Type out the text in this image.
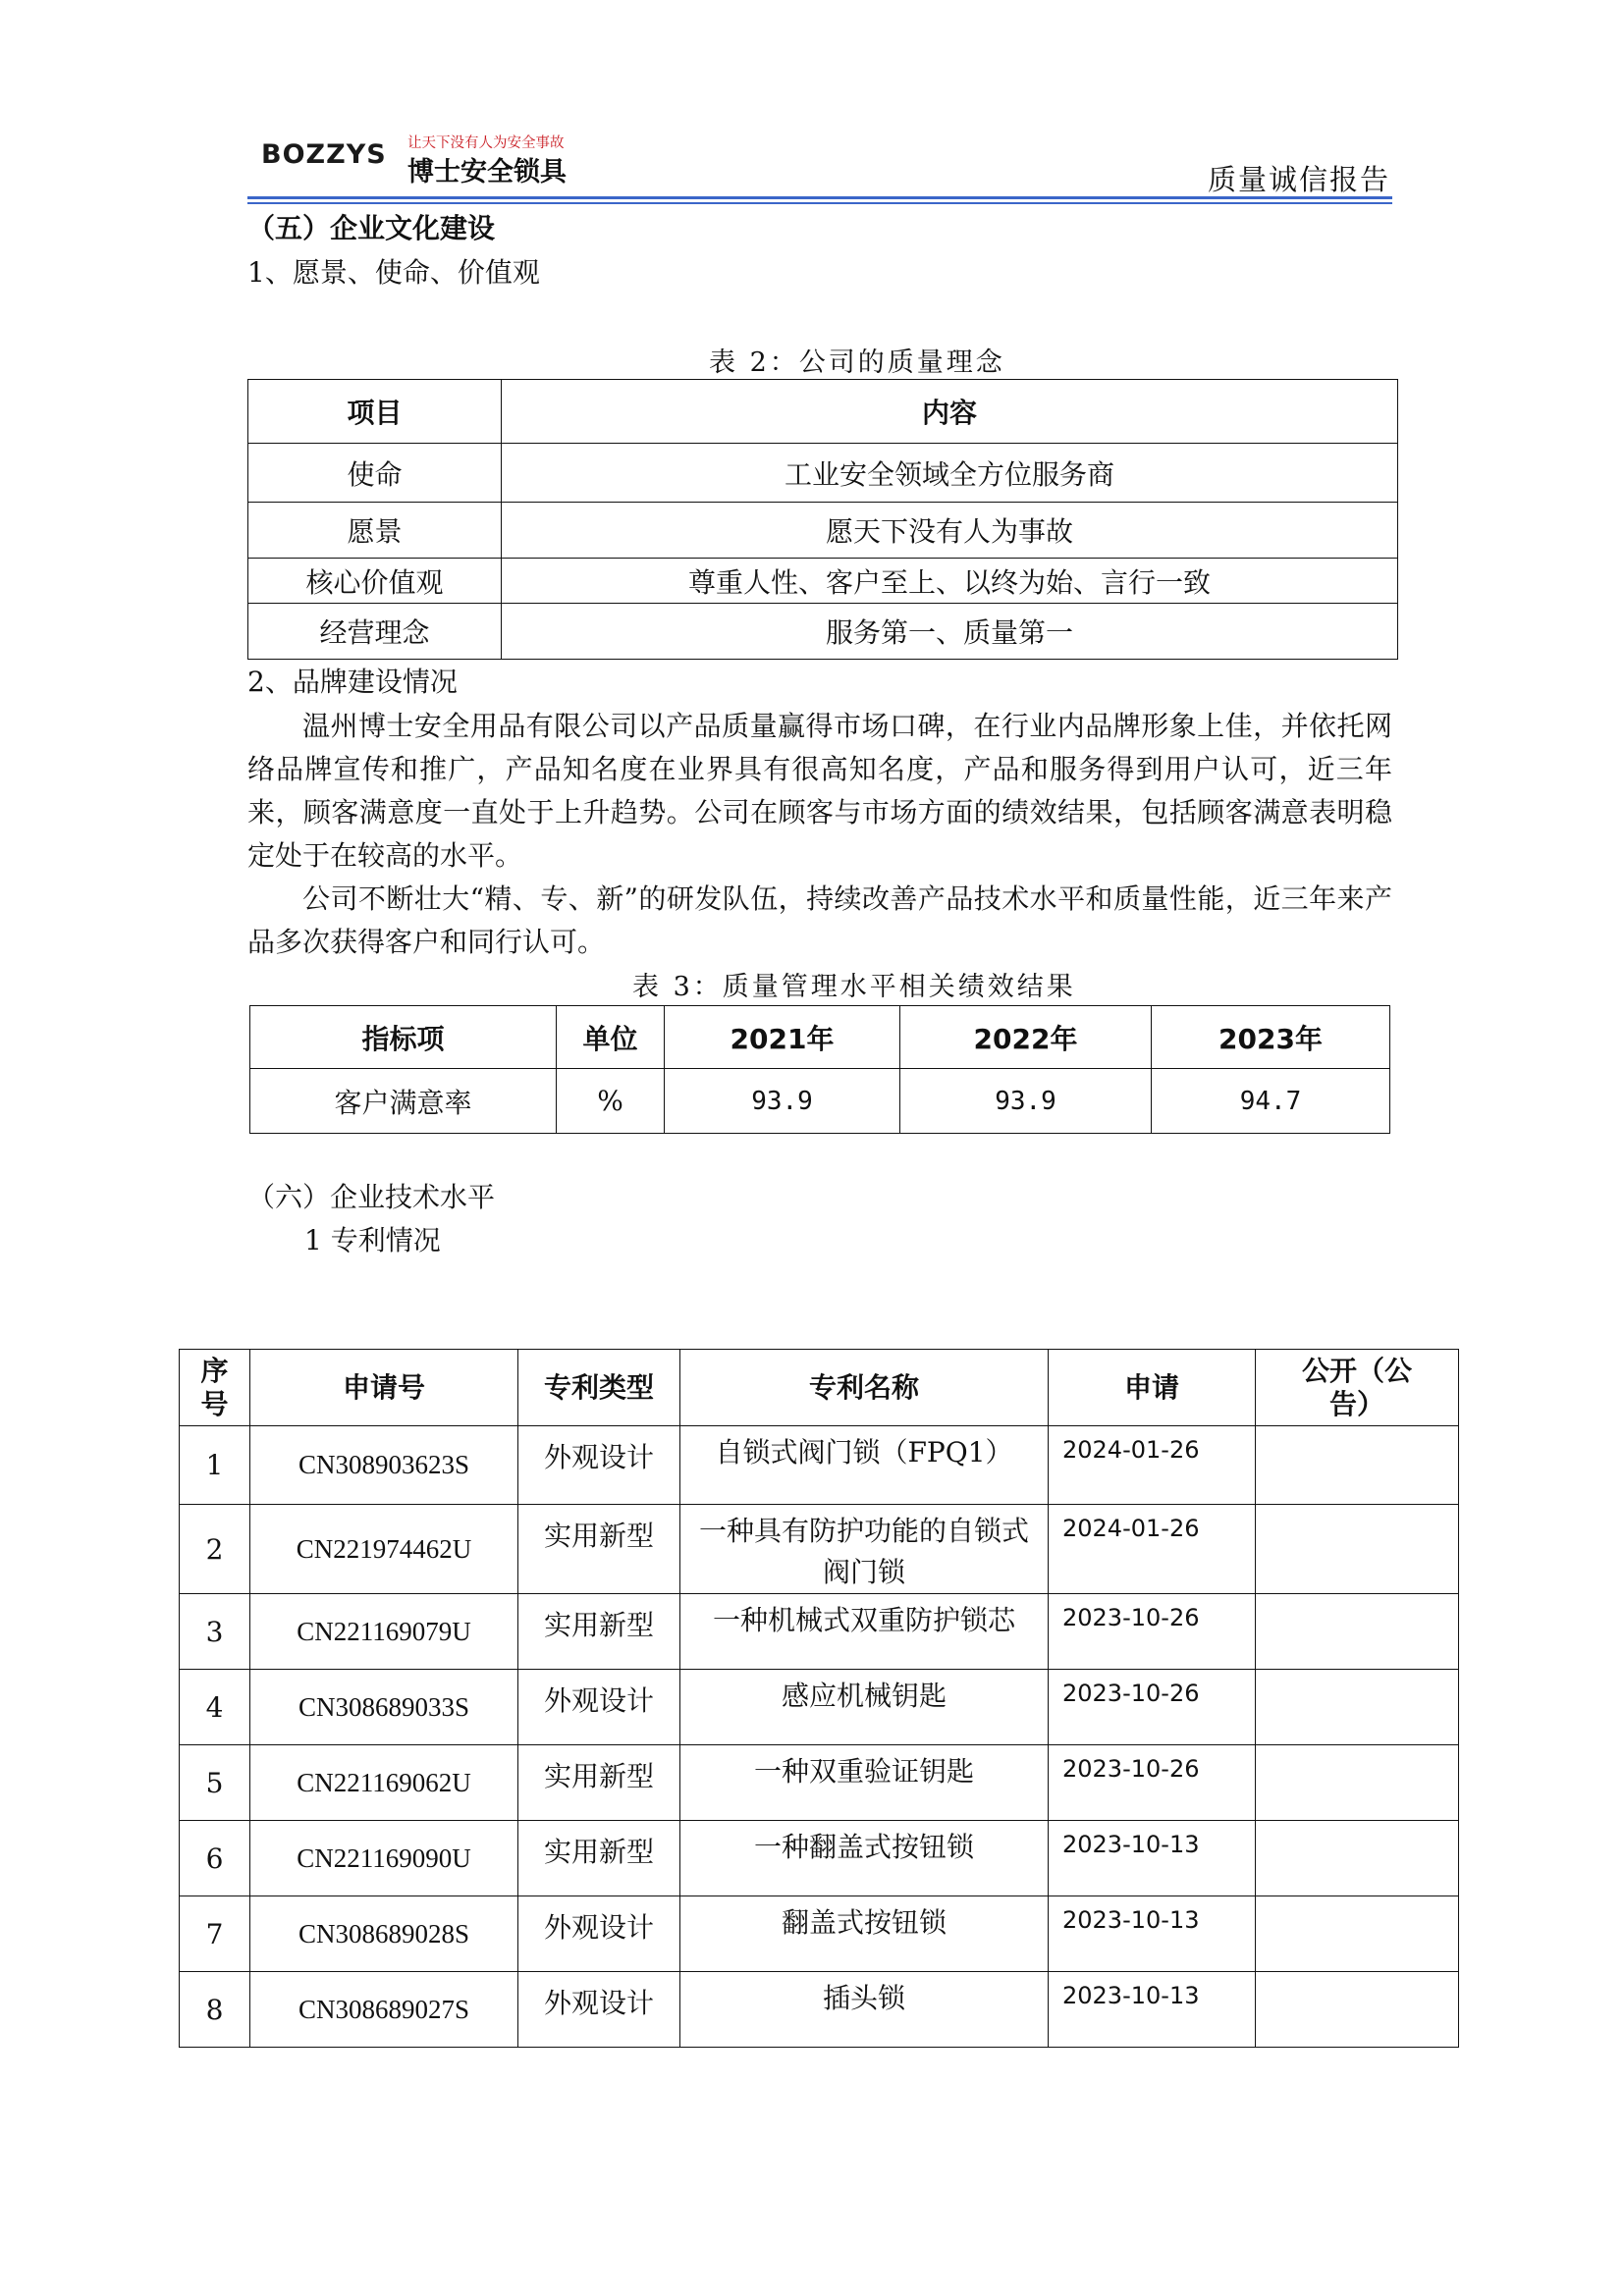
BOZZYS 让天下没有人为安全事故
博士安全锁具	质量诚信报告
（五）企业文化建设
1、愿景、使命、价值观
表 2：公司的质量理念
项目	内容
使命	工业安全领域全方位服务商
愿景	愿天下没有人为事故
核心价值观	尊重人性、客户至上、以终为始、言行一致
经营理念	服务第一、质量第一
2、品牌建设情况
温州博士安全用品有限公司以产品质量赢得市场口碑，在行业内品牌形象上佳，并依托网络品牌宣传和推广，产品知名度在业界具有很高知名度，产品和服务得到用户认可，近三年来，顾客满意度一直处于上升趋势。公司在顾客与市场方面的绩效结果，包括顾客满意表明稳定处于在较高的水平。
公司不断壮大“精、专、新”的研发队伍，持续改善产品技术水平和质量性能，近三年来产品多次获得客户和同行认可。
表 3：质量管理水平相关绩效结果
指标项	单位	2021年	2022年	2023年
客户满意率	%	93.9	93.9	94.7
（六）企业技术水平
1 专利情况
序号	申请号	专利类型	专利名称	申请	公开（公告）
1	CN308903623S	外观设计	自锁式阀门锁（FPQ1）	2024-01-26	
2	CN221974462U	实用新型	一种具有防护功能的自锁式阀门锁	2024-01-26	
3	CN221169079U	实用新型	一种机械式双重防护锁芯	2023-10-26	
4	CN308689033S	外观设计	感应机械钥匙	2023-10-26	
5	CN221169062U	实用新型	一种双重验证钥匙	2023-10-26	
6	CN221169090U	实用新型	一种翻盖式按钮锁	2023-10-13	
7	CN308689028S	外观设计	翻盖式按钮锁	2023-10-13	
8	CN308689027S	外观设计	插头锁	2023-10-13	
